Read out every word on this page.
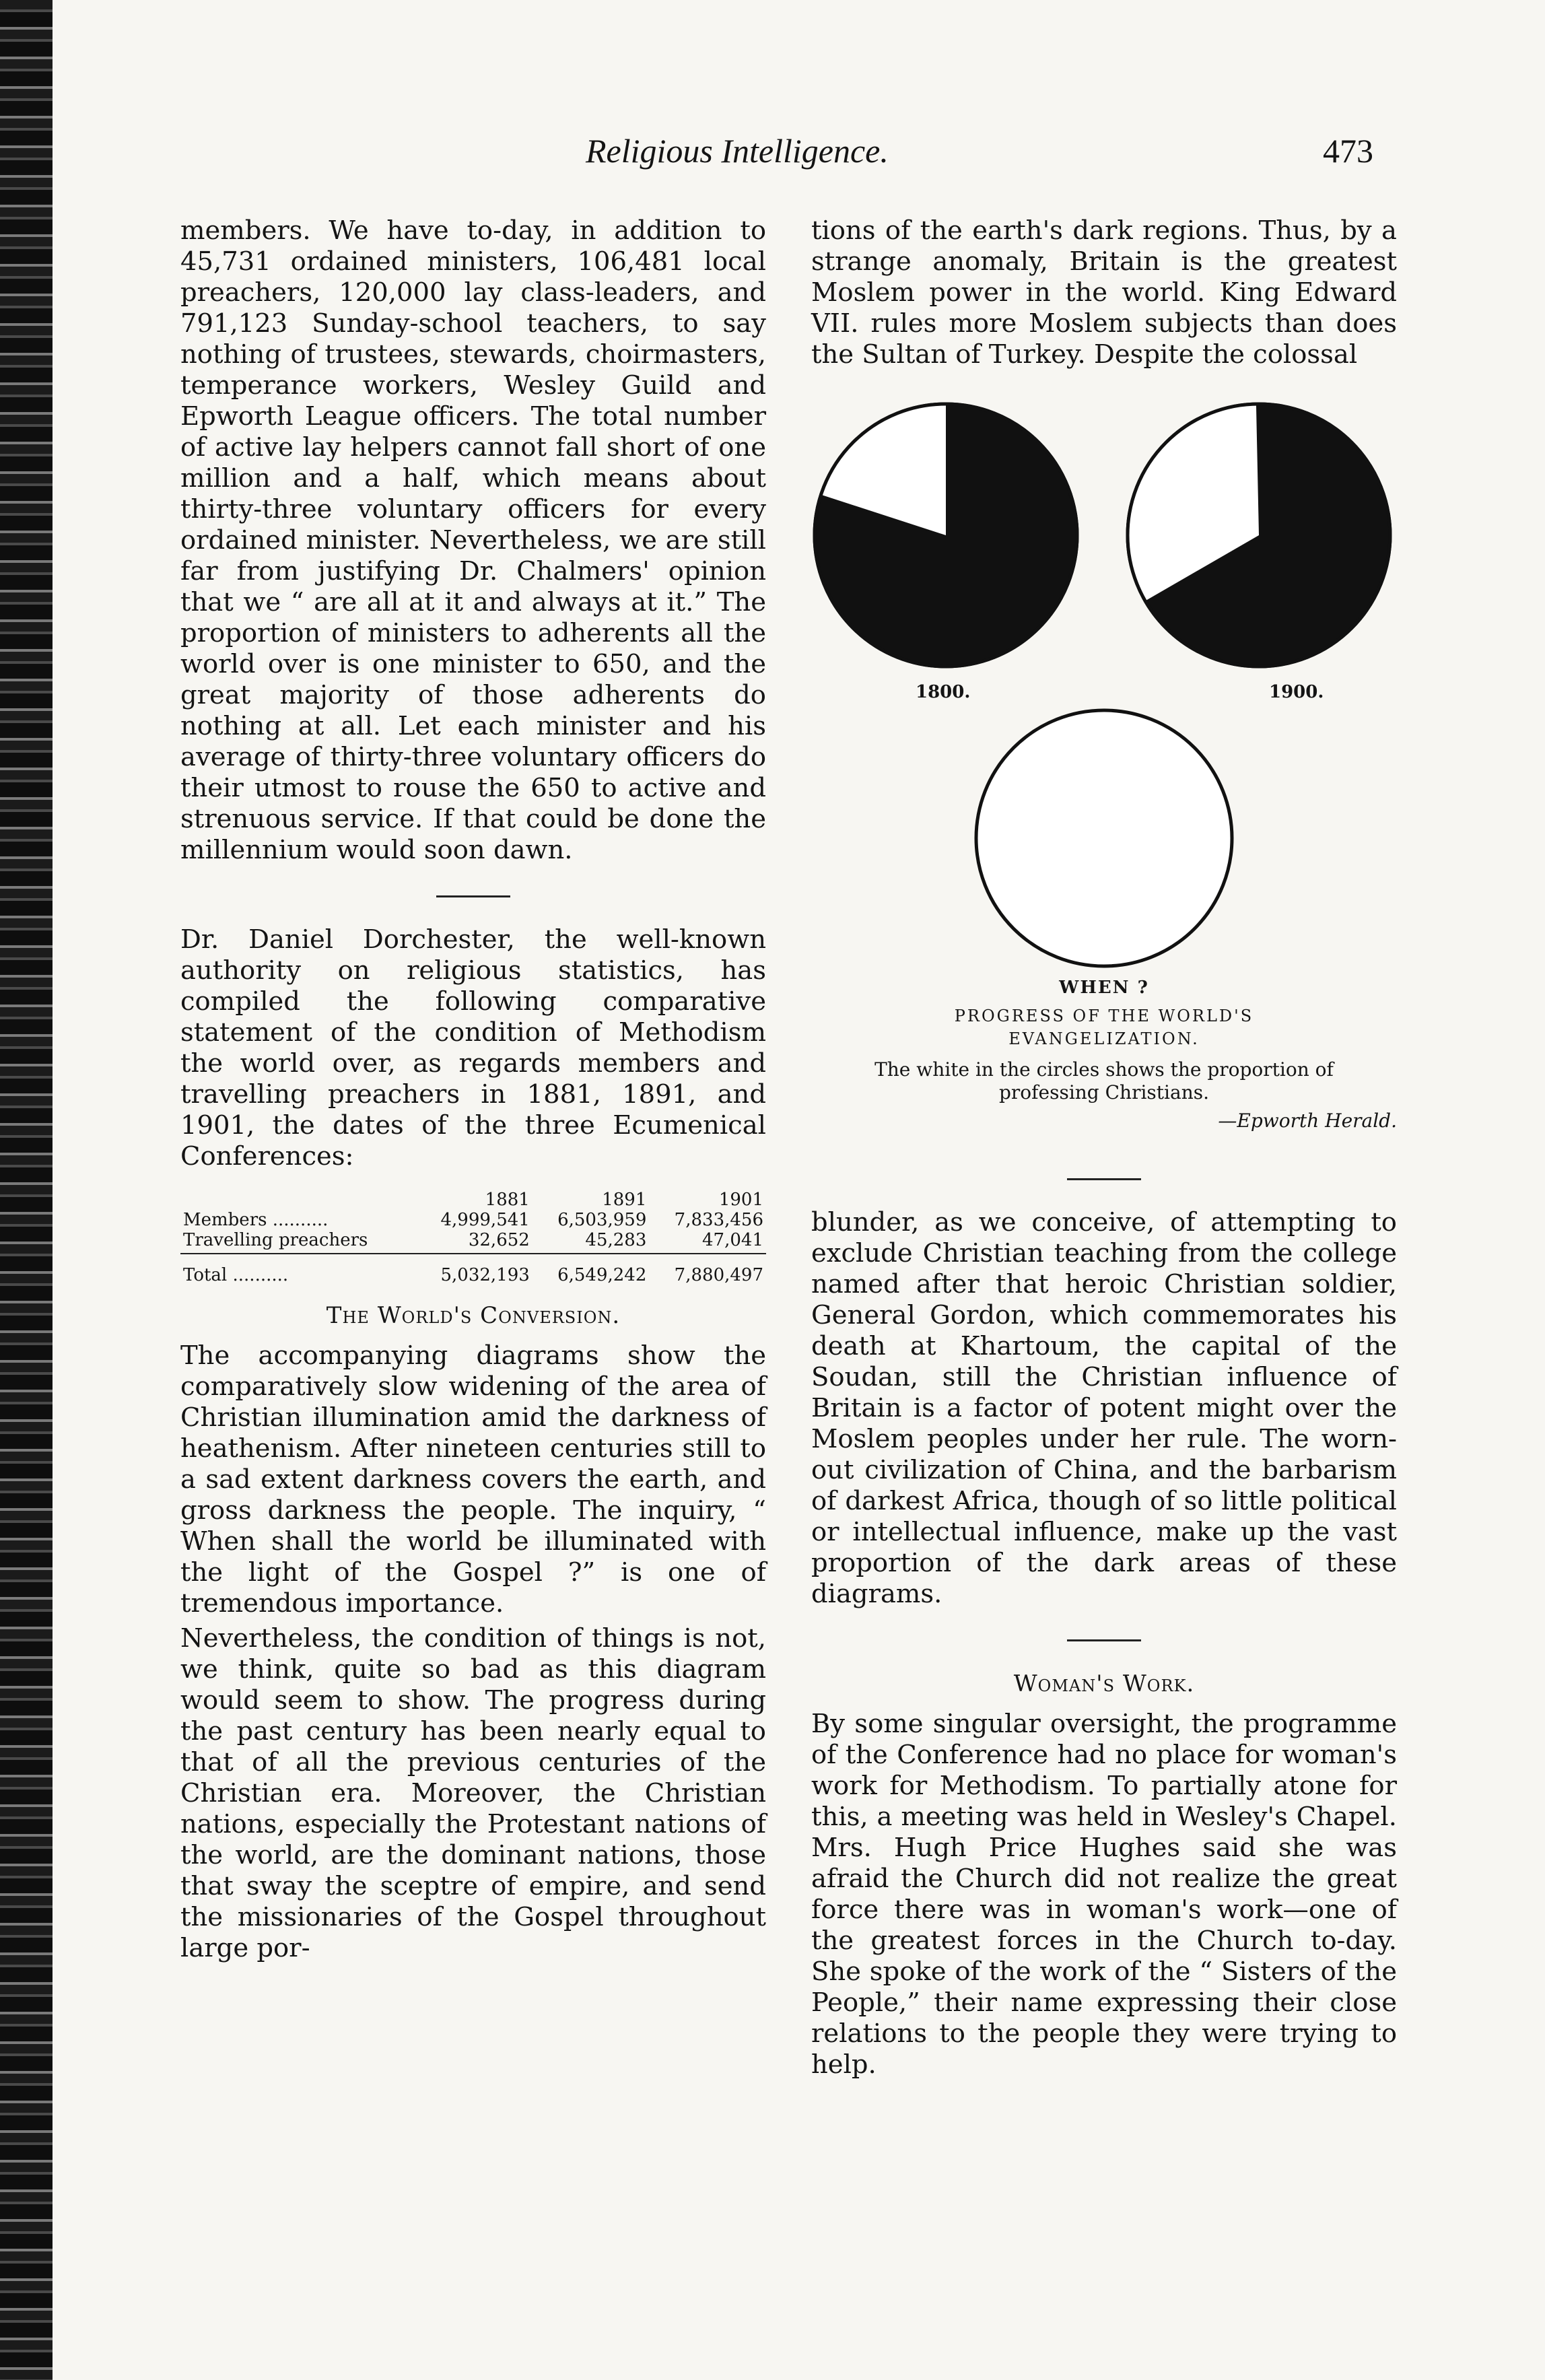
Religious Intelligence.	473

members. We have to-day, in addition to 45,731 ordained ministers, 106,481 local preachers, 120,000 lay class-leaders, and 791,123 Sunday-school teachers, to say nothing of trustees, stewards, choirmasters, temperance workers, Wesley Guild and Epworth League officers. The total number of active lay helpers cannot fall short of one million and a half, which means about thirty-three voluntary officers for every ordained minister. Nevertheless, we are still far from justifying Dr. Chalmers' opinion that we “ are all at it and always at it.” The proportion of ministers to adherents all the world over is one minister to 650, and the great majority of those adherents do nothing at all. Let each minister and his average of thirty-three voluntary officers do their utmost to rouse the 650 to active and strenuous service. If that could be done the millennium would soon dawn.

Dr. Daniel Dorchester, the well-known authority on religious statistics, has compiled the following comparative statement of the condition of Methodism the world over, as regards members and travelling preachers in 1881, 1891, and 1901, the dates of the three Ecumenical Conferences:

	1881	1891	1901
Members ..........	4,999,541	6,503,959	7,833,456
Travelling preachers	32,652	45,283	47,041
Total ..........	5,032,193	6,549,242	7,880,497
The World's Conversion.

The accompanying diagrams show the comparatively slow widening of the area of Christian illumination amid the darkness of heathenism. After nineteen centuries still to a sad extent darkness covers the earth, and gross darkness the people. The inquiry, “ When shall the world be illuminated with the light of the Gospel ?” is one of tremendous importance.

Nevertheless, the condition of things is not, we think, quite so bad as this diagram would seem to show. The progress during the past century has been nearly equal to that of all the previous centuries of the Christian era. Moreover, the Christian nations, especially the Protestant nations of the world, are the dominant nations, those that sway the sceptre of empire, and send the missionaries of the Gospel throughout large por-

tions of the earth's dark regions. Thus, by a strange anomaly, Britain is the greatest Moslem power in the world. King Edward VII. rules more Moslem subjects than does the Sultan of Turkey. Despite the colossal

1800.	1900.
WHEN ?
PROGRESS OF THE WORLD'S EVANGELIZATION.
The white in the circles shows the proportion of professing Christians.
—Epworth Herald.

blunder, as we conceive, of attempting to exclude Christian teaching from the college named after that heroic Christian soldier, General Gordon, which commemorates his death at Khartoum, the capital of the Soudan, still the Christian influence of Britain is a factor of potent might over the Moslem peoples under her rule. The worn-out civilization of China, and the barbarism of darkest Africa, though of so little political or intellectual influence, make up the vast proportion of the dark areas of these diagrams.

Woman's Work.

By some singular oversight, the programme of the Conference had no place for woman's work for Methodism. To partially atone for this, a meeting was held in Wesley's Chapel. Mrs. Hugh Price Hughes said she was afraid the Church did not realize the great force there was in woman's work—one of the greatest forces in the Church to-day. She spoke of the work of the “ Sisters of the People,” their name expressing their close relations to the people they were trying to help.
